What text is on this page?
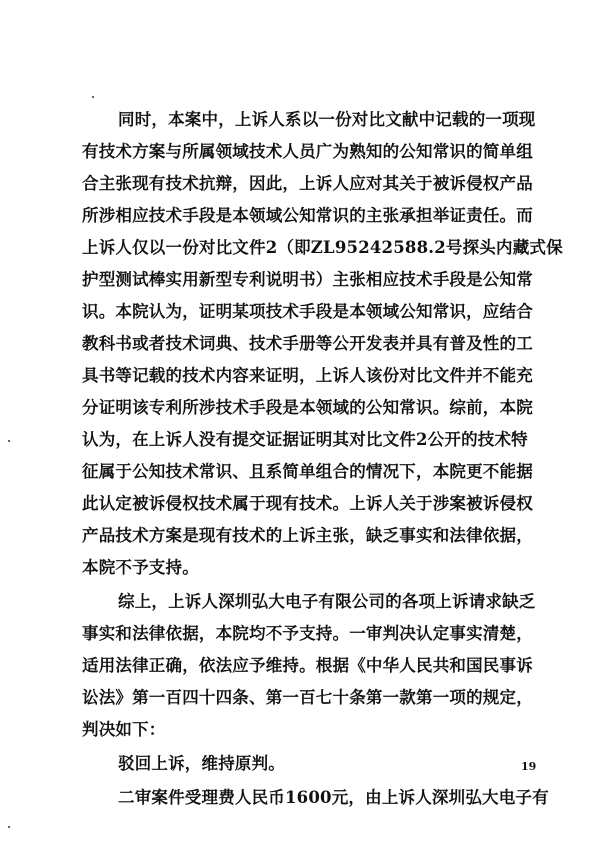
同时，本案中，上诉人系以一份对比文献中记载的一项现
有技术方案与所属领域技术人员广为熟知的公知常识的简单组
合主张现有技术抗辩，因此，上诉人应对其关于被诉侵权产品
所涉相应技术手段是本领域公知常识的主张承担举证责任。而
上诉人仅以一份对比文件2（即ZL95242588.2号探头内藏式保
护型测试棒实用新型专利说明书）主张相应技术手段是公知常
识。本院认为，证明某项技术手段是本领域公知常识，应结合
教科书或者技术词典、技术手册等公开发表并具有普及性的工
具书等记载的技术内容来证明，上诉人该份对比文件并不能充
分证明该专利所涉技术手段是本领域的公知常识。综前，本院
认为，在上诉人没有提交证据证明其对比文件2公开的技术特
征属于公知技术常识、且系简单组合的情况下，本院更不能据
此认定被诉侵权技术属于现有技术。上诉人关于涉案被诉侵权
产品技术方案是现有技术的上诉主张，缺乏事实和法律依据，
本院不予支持。
综上，上诉人深圳弘大电子有限公司的各项上诉请求缺乏
事实和法律依据，本院均不予支持。一审判决认定事实清楚，
适用法律正确，依法应予维持。根据《中华人民共和国民事诉
讼法》第一百四十四条、第一百七十条第一款第一项的规定，
判决如下：
驳回上诉，维持原判。
二审案件受理费人民币1600元，由上诉人深圳弘大电子有
19
